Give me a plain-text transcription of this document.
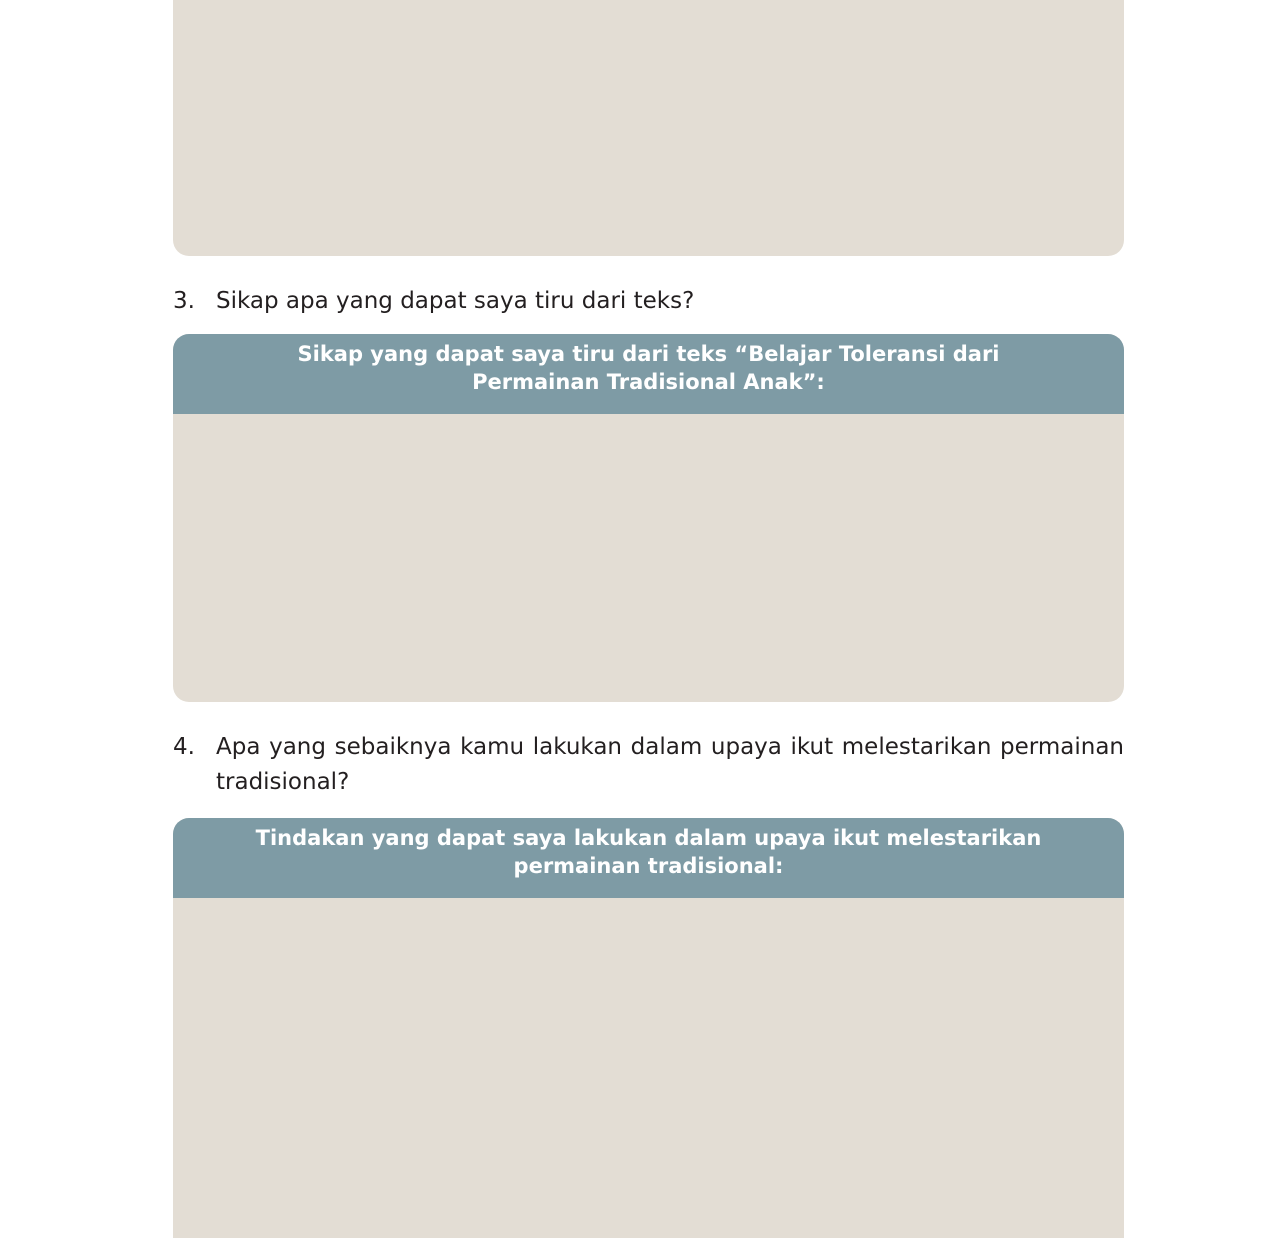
3. Sikap apa yang dapat saya tiru dari teks?
Sikap yang dapat saya tiru dari teks “Belajar Toleransi dari Permainan Tradisional Anak”:
4. Apa yang sebaiknya kamu lakukan dalam upaya ikut melestarikan permainan tradisional?
Tindakan yang dapat saya lakukan dalam upaya ikut melestarikan permainan tradisional:
